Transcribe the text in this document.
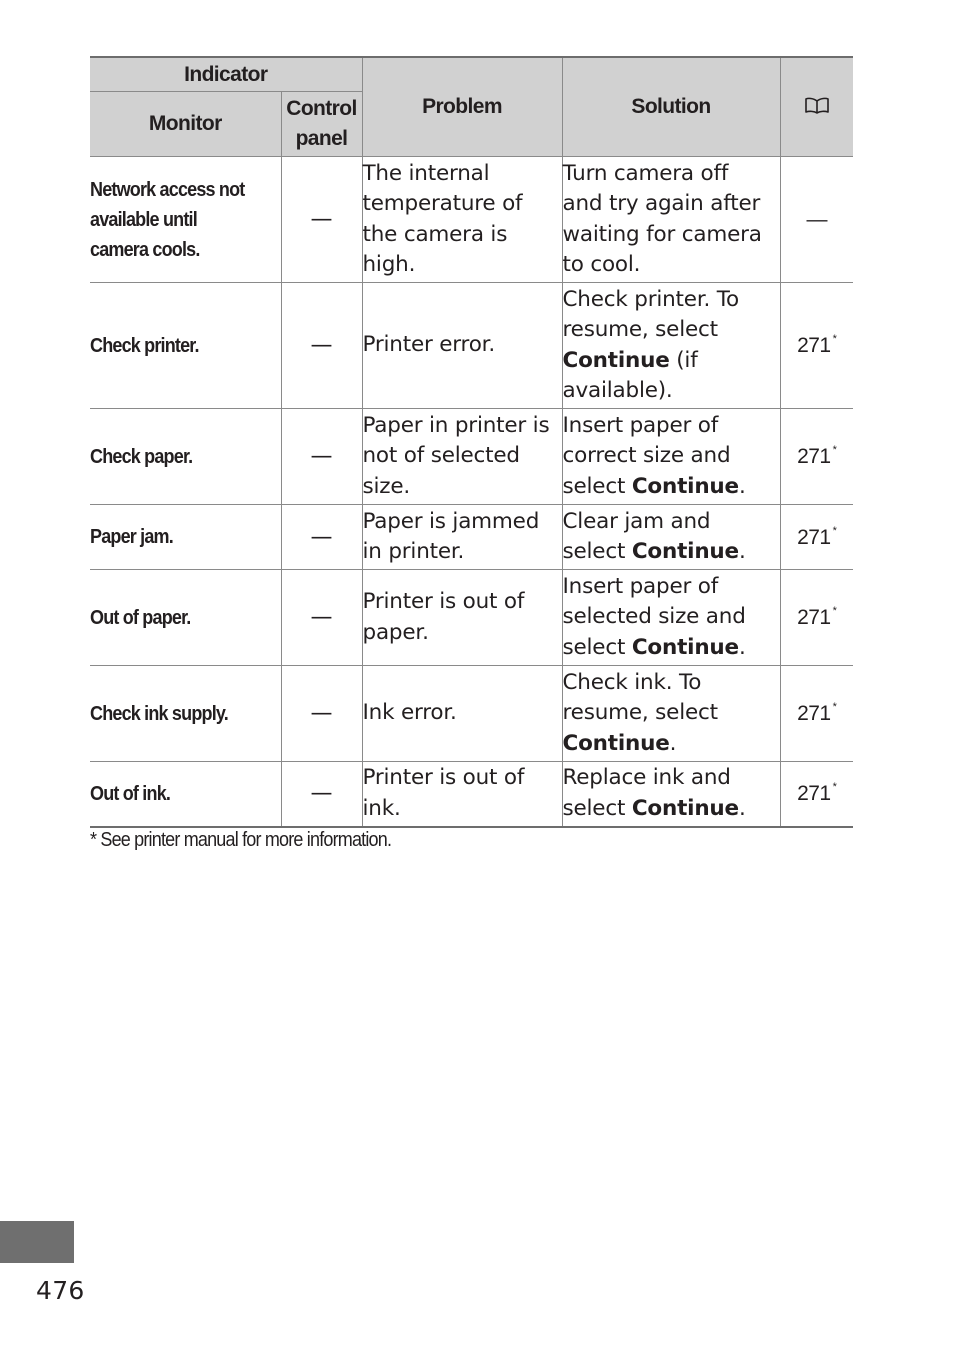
Indicator		Problem	Solution	
Monitor	Control
panel			
Network access not
available until
camera cools.	—	The internal
temperature of
the camera is
high.	Turn camera off
and try again after
waiting for camera
to cool.	—
Check printer.	—	Printer error.	Check printer. To
resume, select
Continue (if
available).	271 *
Check paper.	—	Paper in printer is
not of selected
size.	Insert paper of
correct size and
select Continue.	271 *
Paper jam.	—	Paper is jammed
in printer.	Clear jam and
select Continue.	271 *
Out of paper.	—	Printer is out of
paper.	Insert paper of
selected size and
select Continue.	271 *
Check ink supply.	—	Ink error.	Check ink. To
resume, select
Continue.	271 *
Out of ink.	—	Printer is out of
ink.	Replace ink and
select Continue.	271 *
* See printer manual for more information.
476
